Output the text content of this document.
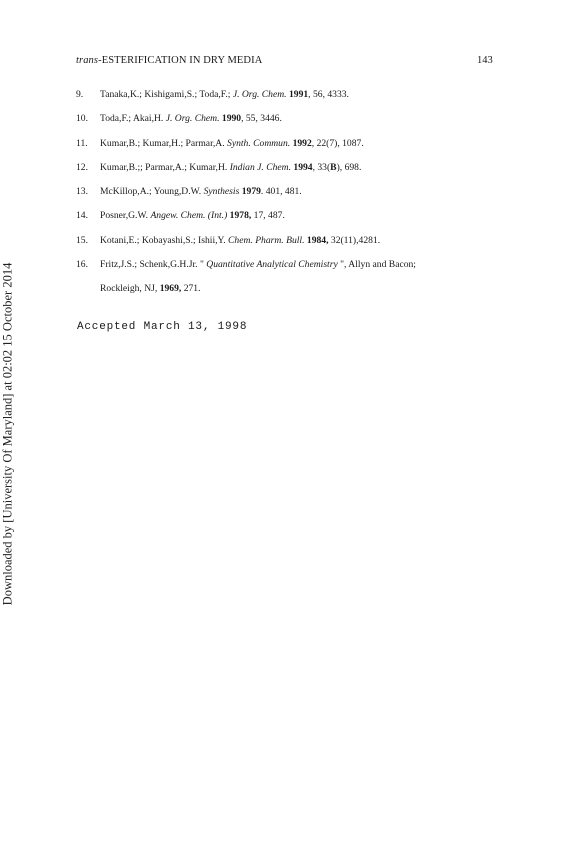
trans-ESTERIFICATION IN DRY MEDIA	143
9.	Tanaka,K.; Kishigami,S.; Toda,F.; J. Org. Chem. 1991, 56, 4333.
10.	Toda,F.; Akai,H. J. Org. Chem. 1990, 55, 3446.
11.	Kumar,B.; Kumar,H.; Parmar,A. Synth. Commun. 1992, 22(7), 1087.
12.	Kumar,B.;; Parmar,A.; Kumar,H. Indian J. Chem. 1994, 33(B), 698.
13.	McKillop,A.; Young,D.W. Synthesis 1979. 401, 481.
14.	Posner,G.W. Angew. Chem. (Int.) 1978, 17, 487.
15.	Kotani,E.; Kobayashi,S.; Ishii,Y. Chem. Pharm. Bull. 1984, 32(11),4281.
16.	Fritz,J.S.; Schenk,G.H.Jr. " Quantitative Analytical Chemistry ", Allyn and Bacon;
Rockleigh, NJ, 1969, 271.
Accepted March 13, 1998
Downloaded by [University Of Maryland] at 02:02 15 October 2014
